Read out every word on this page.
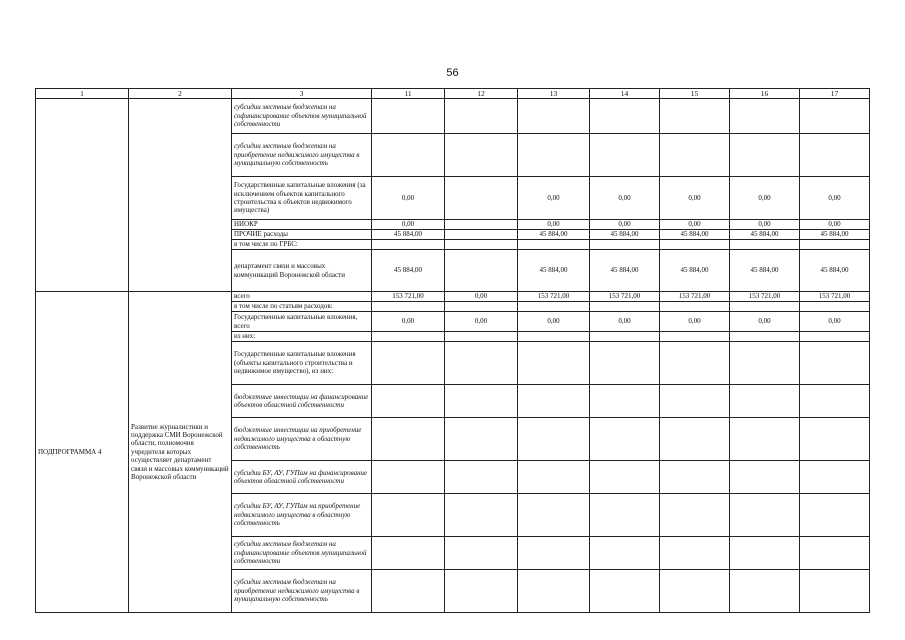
56
1	2	3	11	12	13	14	15	16	17
		субсидии местным бюджетам на софинансирование объектов муниципальной собственности							
		субсидии местным бюджетам на приобретение недвижимого имущества в муниципальную собственность							
		Государственные капитальные вложения (за исключением объектов капитального строительства к объектов недвижимого имущества)	0,00		0,00	0,00	0,00	0,00	0,00
		НИОКР	0,00		0,00	0,00	0,00	0,00	0,00
		ПРОЧИЕ расходы	45 884,00		45 884,00	45 884,00	45 884,00	45 884,00	45 884,00
		в том числе по ГРБС:							
		департамент связи и массовых коммуникаций Воронежской области	45 884,00		45 884,00	45 884,00	45 884,00	45 884,00	45 884,00
ПОДПРОГРАММА 4	Развитие журналистики и поддержка СМИ Воронежской области, полномочия учредителя которых осуществляет департамент связи и массовых коммуникаций Воронежской области	всего	153 721,00	0,00	153 721,00	153 721,00	153 721,00	153 721,00	153 721,00
		в том числе по статьям расходов:							
		Государственные капитальные вложения, всего	0,00	0,00	0,00	0,00	0,00	0,00	0,00
		из них:							
		Государственные капитальные вложения (объекты капитального строительства и недвижимое имущество), из них:							
		бюджетные инвестиции на финансирование объектов областной собственности							
		бюджетные инвестиции на приобретение недвижимого имущества в областную собственность							
		субсидии БУ, АУ, ГУПам на финансирование объектов областной собственности							
		субсидии БУ, АУ, ГУПам на приобретение недвижимого имущества в областную собственность							
		субсидии местным бюджетам на софинансирование объектов муниципальной собственности							
		субсидии местным бюджетам на приобретение недвижимого имущества в муниципальную собственность							
